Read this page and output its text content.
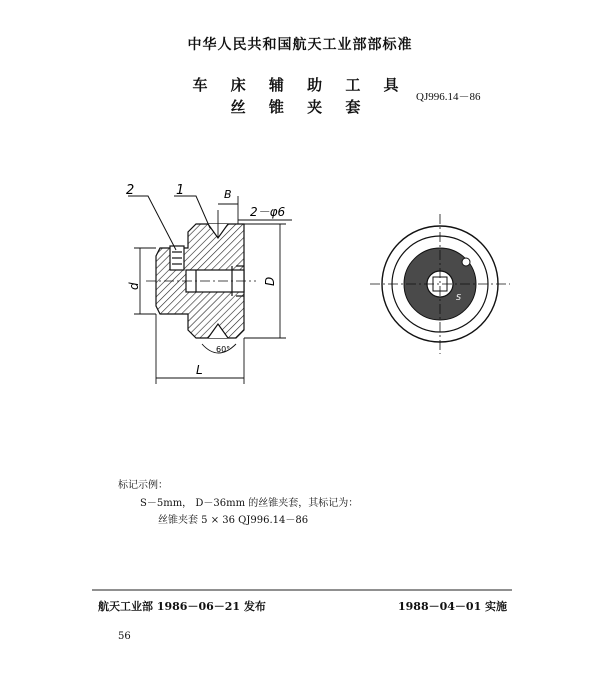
中华人民共和国航天工业部部标准
车 床 辅 助 工 具
丝 锥 夹 套
QJ996.14－86
2	1	B
2－φ6
D
d
L
60°
S
标记示例：
S－5mm， D－36mm 的丝锥夹套，其标记为：
丝锥夹套 5 × 36 QJ996.14－86
航天工业部 1986－06－21 发布	1988－04－01 实施
56
